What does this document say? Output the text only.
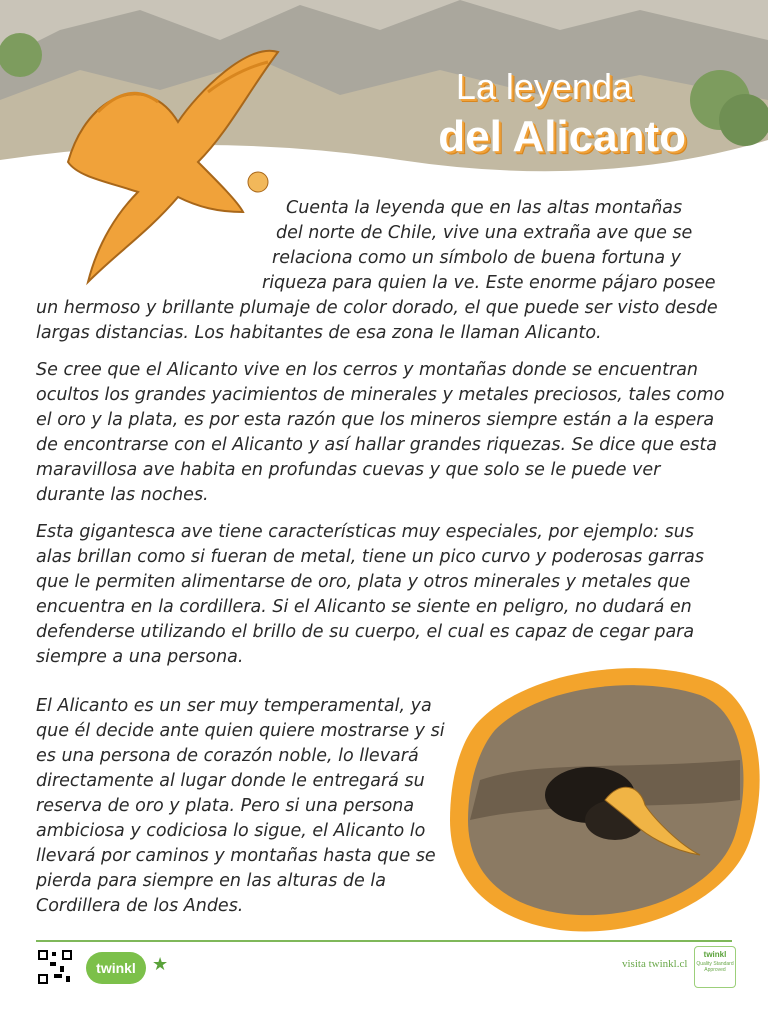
La leyenda
del Alicanto
Cuenta la leyenda que en las altas montañas
del norte de Chile, vive una extraña ave que se
relaciona como un símbolo de buena fortuna y
riqueza para quien la ve. Este enorme pájaro posee
un hermoso y brillante plumaje de color dorado, el que puede ser visto desde largas distancias. Los habitantes de esa zona le llaman Alicanto.

Se cree que el Alicanto vive en los cerros y montañas donde se encuentran ocultos los grandes yacimientos de minerales y metales preciosos, tales como el oro y la plata, es por esta razón que los mineros siempre están a la espera de encontrarse con el Alicanto y así hallar grandes riquezas. Se dice que esta maravillosa ave habita en profundas cuevas y que solo se le puede ver durante las noches.

Esta gigantesca ave tiene características muy especiales, por ejemplo: sus alas brillan como si fueran de metal, tiene un pico curvo y poderosas garras que le permiten alimentarse de oro, plata y otros minerales y metales que encuentra en la cordillera. Si el Alicanto se siente en peligro, no dudará en defenderse utilizando el brillo de su cuerpo, el cual es capaz de cegar para siempre a una persona.

El Alicanto es un ser muy temperamental, ya que él decide ante quien quiere mostrarse y si es una persona de corazón noble, lo llevará directamente al lugar donde le entregará su reserva de oro y plata. Pero si una persona ambiciosa y codiciosa lo sigue, el Alicanto lo llevará por caminos y montañas hasta que se pierda para siempre en las alturas de la Cordillera de los Andes.

twinkl ★	visita twinkl.cl
twinkl
Quality Standard Approved
